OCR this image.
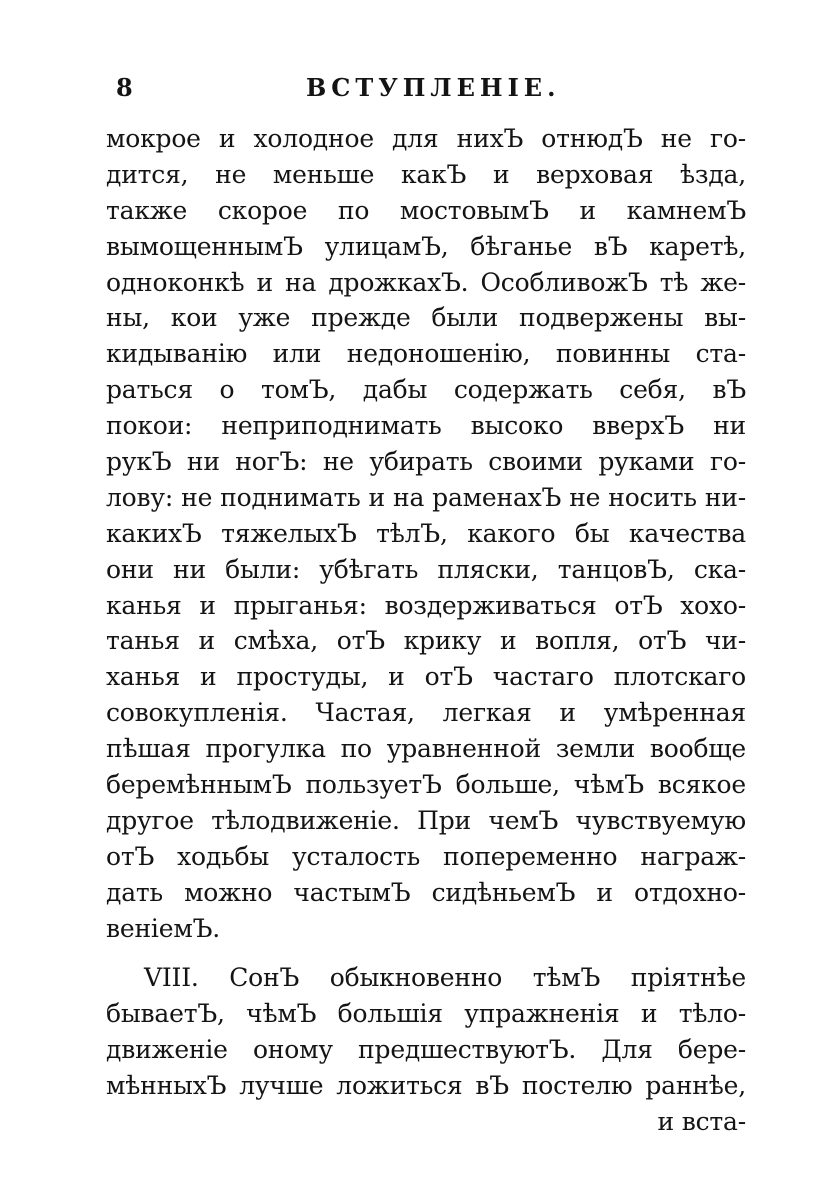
8	ВСТУПЛЕНІЕ.
мокрое и холодное для нихЪ отнюдЪ не го-
дится, не меньше какЪ и верховая ѣзда,
также скорое по мостовымЪ и камнемЪ
вымощеннымЪ улицамЪ, бѣганье вЪ каретѣ,
одноконкѣ и на дрожкахЪ. ОсобливожЪ тѣ же-
ны, кои уже прежде были подвержены вы-
кидыванію или недоношенію, повинны ста-
раться о томЪ, дабы содержать себя, вЪ
покои: неприподнимать высоко вверхЪ ни
рукЪ ни ногЪ: не убирать своими руками го-
лову: не поднимать и на раменахЪ не носить ни-
какихЪ тяжелыхЪ тѣлЪ, какого бы качества
они ни были: убѣгать пляски, танцовЪ, ска-
канья и прыганья: воздерживаться отЪ хохо-
танья и смѣха, отЪ крику и вопля, отЪ чи-
ханья и простуды, и отЪ частаго плотскаго
совокупленія. Частая, легкая и умѣренная
пѣшая прогулка по уравненной земли вообще
беремѣннымЪ пользуетЪ больше, чѣмЪ всякое
другое тѣлодвиженіе. При чемЪ чувствуемую
отЪ ходьбы усталость попеременно награж-
дать можно частымЪ сидѣньемЪ и отдохно-
веніемЪ.
VIII. СонЪ обыкновенно тѣмЪ пріятнѣе
бываетЪ, чѣмЪ большія упражненія и тѣло-
движеніе оному предшествуютЪ. Для бере-
мѣнныхЪ лучше ложиться вЪ постелю раннѣе,
и вста-
